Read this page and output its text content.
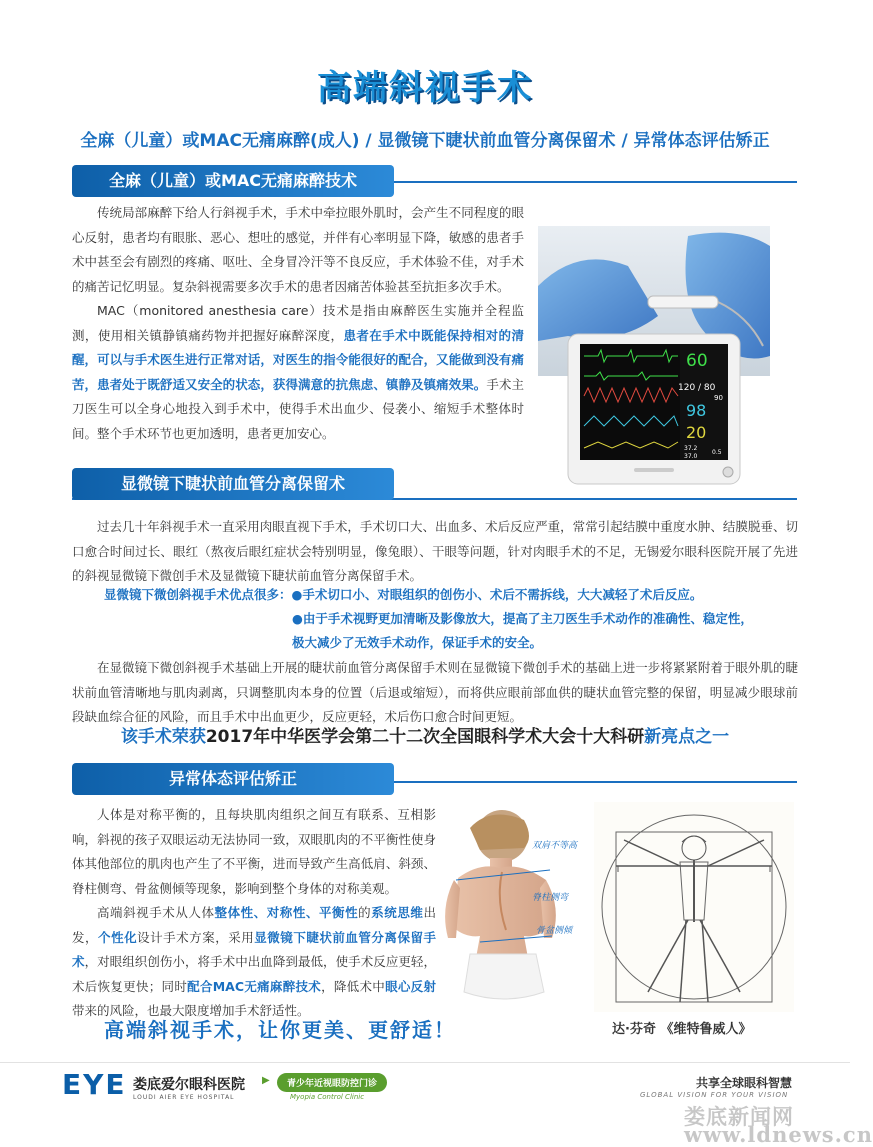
高端斜视手术
全麻（儿童）或MAC无痛麻醉(成人) / 显微镜下睫状前血管分离保留术 / 异常体态评估矫正
全麻（儿童）或MAC无痛麻醉技术

传统局部麻醉下给人行斜视手术，手术中牵拉眼外肌时，会产生不同程度的眼心反射，患者均有眼胀、恶心、想吐的感觉，并伴有心率明显下降，敏感的患者手术中甚至会有剧烈的疼痛、呕吐、全身冒冷汗等不良反应，手术体验不佳，对手术的痛苦记忆明显。复杂斜视需要多次手术的患者因痛苦体验甚至抗拒多次手术。

MAC（monitored anesthesia care）技术是指由麻醉医生实施并全程监测，使用相关镇静镇痛药物并把握好麻醉深度，患者在手术中既能保持相对的清醒，可以与手术医生进行正常对话，对医生的指令能很好的配合，又能做到没有痛苦，患者处于既舒适又安全的状态，获得满意的抗焦虑、镇静及镇痛效果。手术主刀医生可以全身心地投入到手术中，使得手术出血少、侵袭小、缩短手术整体时间。整个手术环节也更加透明，患者更加安心。

60
120 / 80
90
98
20
37.2
37.0
0.5
显微镜下睫状前血管分离保留术

过去几十年斜视手术一直采用肉眼直视下手术，手术切口大、出血多、术后反应严重，常常引起结膜中重度水肿、结膜脱垂、切口愈合时间过长、眼红（熬夜后眼红症状会特别明显，像兔眼）、干眼等问题，针对肉眼手术的不足，无锡爱尔眼科医院开展了先进的斜视显微镜下微创手术及显微镜下睫状前血管分离保留手术。

显微镜下微创斜视手术优点很多：●手术切口小、对眼组织的创伤小、术后不需拆线，大大减轻了术后反应。
●由于手术视野更加清晰及影像放大，提高了主刀医生手术动作的准确性、稳定性，
极大减少了无效手术动作，保证手术的安全。

在显微镜下微创斜视手术基础上开展的睫状前血管分离保留手术则在显微镜下微创手术的基础上进一步将紧紧附着于眼外肌的睫状前血管清晰地与肌肉剥离，只调整肌肉本身的位置（后退或缩短），而将供应眼前部血供的睫状血管完整的保留，明显减少眼球前段缺血综合征的风险，而且手术中出血更少，反应更轻，术后伤口愈合时间更短。

该手术荣获2017年中华医学会第二十二次全国眼科学术大会十大科研新亮点之一
异常体态评估矫正

人体是对称平衡的，且每块肌肉组织之间互有联系、互相影响，斜视的孩子双眼运动无法协同一致，双眼肌肉的不平衡性使身体其他部位的肌肉也产生了不平衡，进而导致产生高低肩、斜颈、脊柱侧弯、骨盆侧倾等现象，影响到整个身体的对称美观。

高端斜视手术从人体整体性、对称性、平衡性的系统思维出发，个性化设计手术方案，采用显微镜下睫状前血管分离保留手术，对眼组织创伤小，将手术中出血降到最低，使手术反应更轻，术后恢复更快；同时配合MAC无痛麻醉技术，降低术中眼心反射带来的风险，也最大限度增加手术舒适性。

双肩不等高
脊柱侧弯
骨盆侧倾
高端斜视手术，让你更美、更舒适！	达·芬奇 《维特鲁威人》
EYE 娄底爱尔眼科医院
LOUDI AIER EYE HOSPITAL
▶	青少年近视眼防控门诊
Myopia Control Clinic
共享全球眼科智慧
GLOBAL VISION FOR YOUR VISION
娄底新闻网 www.ldnews.cn
